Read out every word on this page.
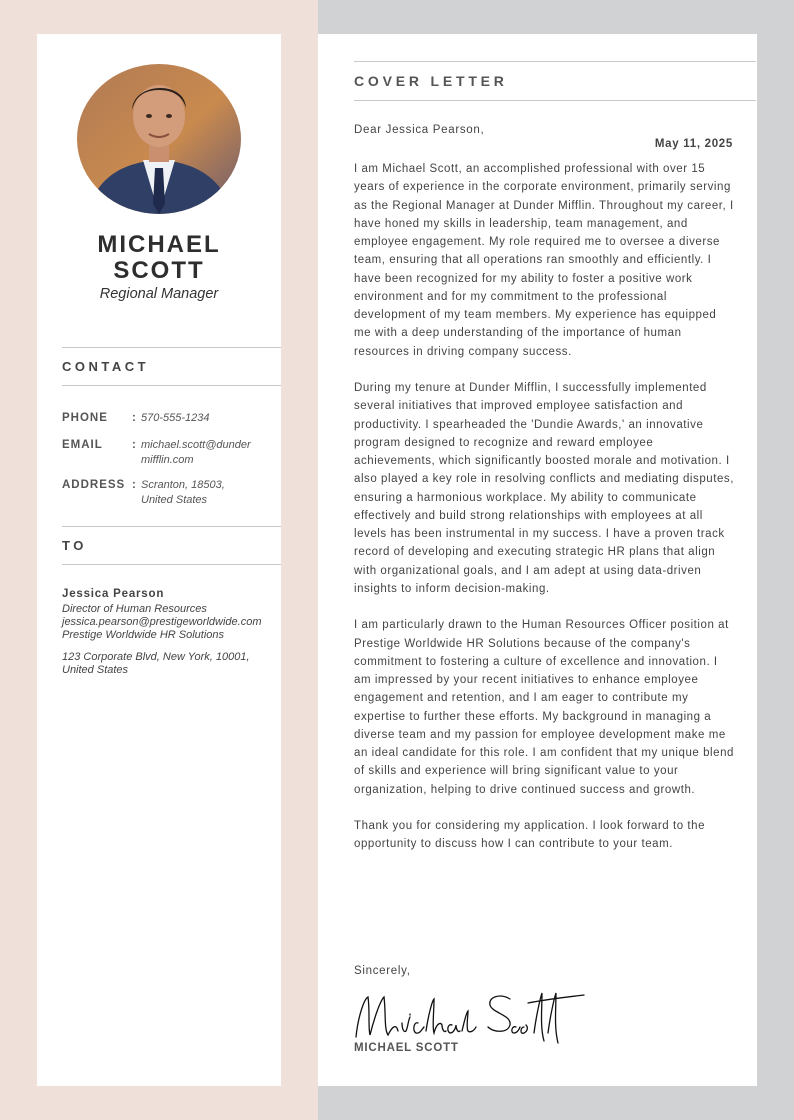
MICHAEL
SCOTT
Regional Manager
CONTACT
PHONE : 570-555-1234
EMAIL	: michael.scott@dundermifflin.com
ADDRESS : Scranton, 18503, United States
TO
Jessica Pearson
Director of Human Resources
jessica.pearson@prestigeworldwide.com
Prestige Worldwide HR Solutions
123 Corporate Blvd, New York, 10001, United States
COVER LETTER
Dear Jessica Pearson,
May 11, 2025

I am Michael Scott, an accomplished professional with over 15 years of experience in the corporate environment, primarily serving as the Regional Manager at Dunder Mifflin. Throughout my career, I have honed my skills in leadership, team management, and employee engagement. My role required me to oversee a diverse team, ensuring that all operations ran smoothly and efficiently. I have been recognized for my ability to foster a positive work environment and for my commitment to the professional development of my team members. My experience has equipped me with a deep understanding of the importance of human resources in driving company success.

During my tenure at Dunder Mifflin, I successfully implemented several initiatives that improved employee satisfaction and productivity. I spearheaded the 'Dundie Awards,' an innovative program designed to recognize and reward employee achievements, which significantly boosted morale and motivation. I also played a key role in resolving conflicts and mediating disputes, ensuring a harmonious workplace. My ability to communicate effectively and build strong relationships with employees at all levels has been instrumental in my success. I have a proven track record of developing and executing strategic HR plans that align with organizational goals, and I am adept at using data-driven insights to inform decision-making.

I am particularly drawn to the Human Resources Officer position at Prestige Worldwide HR Solutions because of the company's commitment to fostering a culture of excellence and innovation. I am impressed by your recent initiatives to enhance employee engagement and retention, and I am eager to contribute my expertise to further these efforts. My background in managing a diverse team and my passion for employee development make me an ideal candidate for this role. I am confident that my unique blend of skills and experience will bring significant value to your organization, helping to drive continued success and growth.

Thank you for considering my application. I look forward to the opportunity to discuss how I can contribute to your team.

Sincerely,
MICHAEL SCOTT
